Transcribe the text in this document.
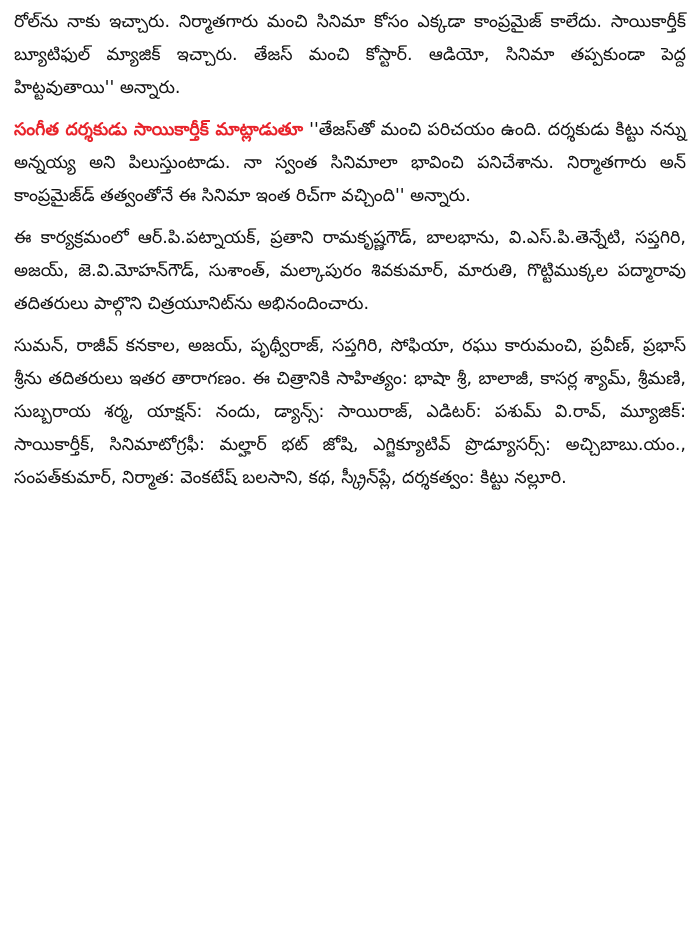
రోల్‌ను నాకు ఇచ్చారు. నిర్మాతగారు మంచి సినిమా కోసం ఎక్కడా కాంప్రమైజ్ కాలేదు. సాయికార్తీక్ బ్యూటిఫుల్ మ్యాజిక్ ఇచ్చారు. తేజస్ మంచి కోస్టార్. ఆడియో, సినిమా తప్పకుండా పెద్ద హిట్టవుతాయి'' అన్నారు.

సంగీత దర్శకుడు సాయికార్తీక్ మాట్లాడుతూ ''తేజస్‌తో మంచి పరిచయం ఉంది. దర్శకుడు కిట్టు నన్ను అన్నయ్య అని పిలుస్తుంటాడు. నా స్వంత సినిమాలా భావించి పనిచేశాను. నిర్మాతగారు అన్ కాంప్రమైజ్‌డ్ తత్వంతోనే ఈ సినిమా ఇంత రిచ్‌గా వచ్చింది'' అన్నారు.

ఈ కార్యక్రమంలో ఆర్.పి.పట్నాయక్, ప్రతాని రామకృష్ణగౌడ్, బాలభాను, వి.ఎస్.పి.తెన్నేటి, సప్తగిరి, అజయ్, జె.వి.మోహన్‌గౌడ్, సుశాంత్, మల్కాపురం శివకుమార్, మారుతి, గొట్టిముక్కల పద్మారావు తదితరులు పాల్గొని చిత్రయూనిట్‌ను అభినందించారు.

సుమన్, రాజీవ్ కనకాల, అజయ్, పృథ్వీరాజ్, సప్తగిరి, సోఫియా, రఘు కారుమంచి, ప్రవీణ్, ప్రభాస్ శ్రీను తదితరులు ఇతర తారాగణం. ఈ చిత్రానికి సాహిత్యం: భాషా శ్రీ, బాలాజీ, కాసర్ల శ్యామ్, శ్రీమణి, సుబ్బరాయ శర్మ, యాక్షన్: నందు, డ్యాన్స్: సాయిరాజ్, ఎడిటర్: పశుమ్ వి.రావ్, మ్యూజిక్: సాయికార్తీక్, సినిమాటోగ్రఫీ: మల్హార్ భట్ జోషి, ఎగ్జిక్యూటివ్ ప్రొడ్యూసర్స్: అచ్చిబాబు.యం., సంపత్‌కుమార్, నిర్మాత: వెంకటేష్ బలసాని, కథ, స్క్రీన్‌ప్లే, దర్శకత్వం: కిట్టు నల్లూరి.
